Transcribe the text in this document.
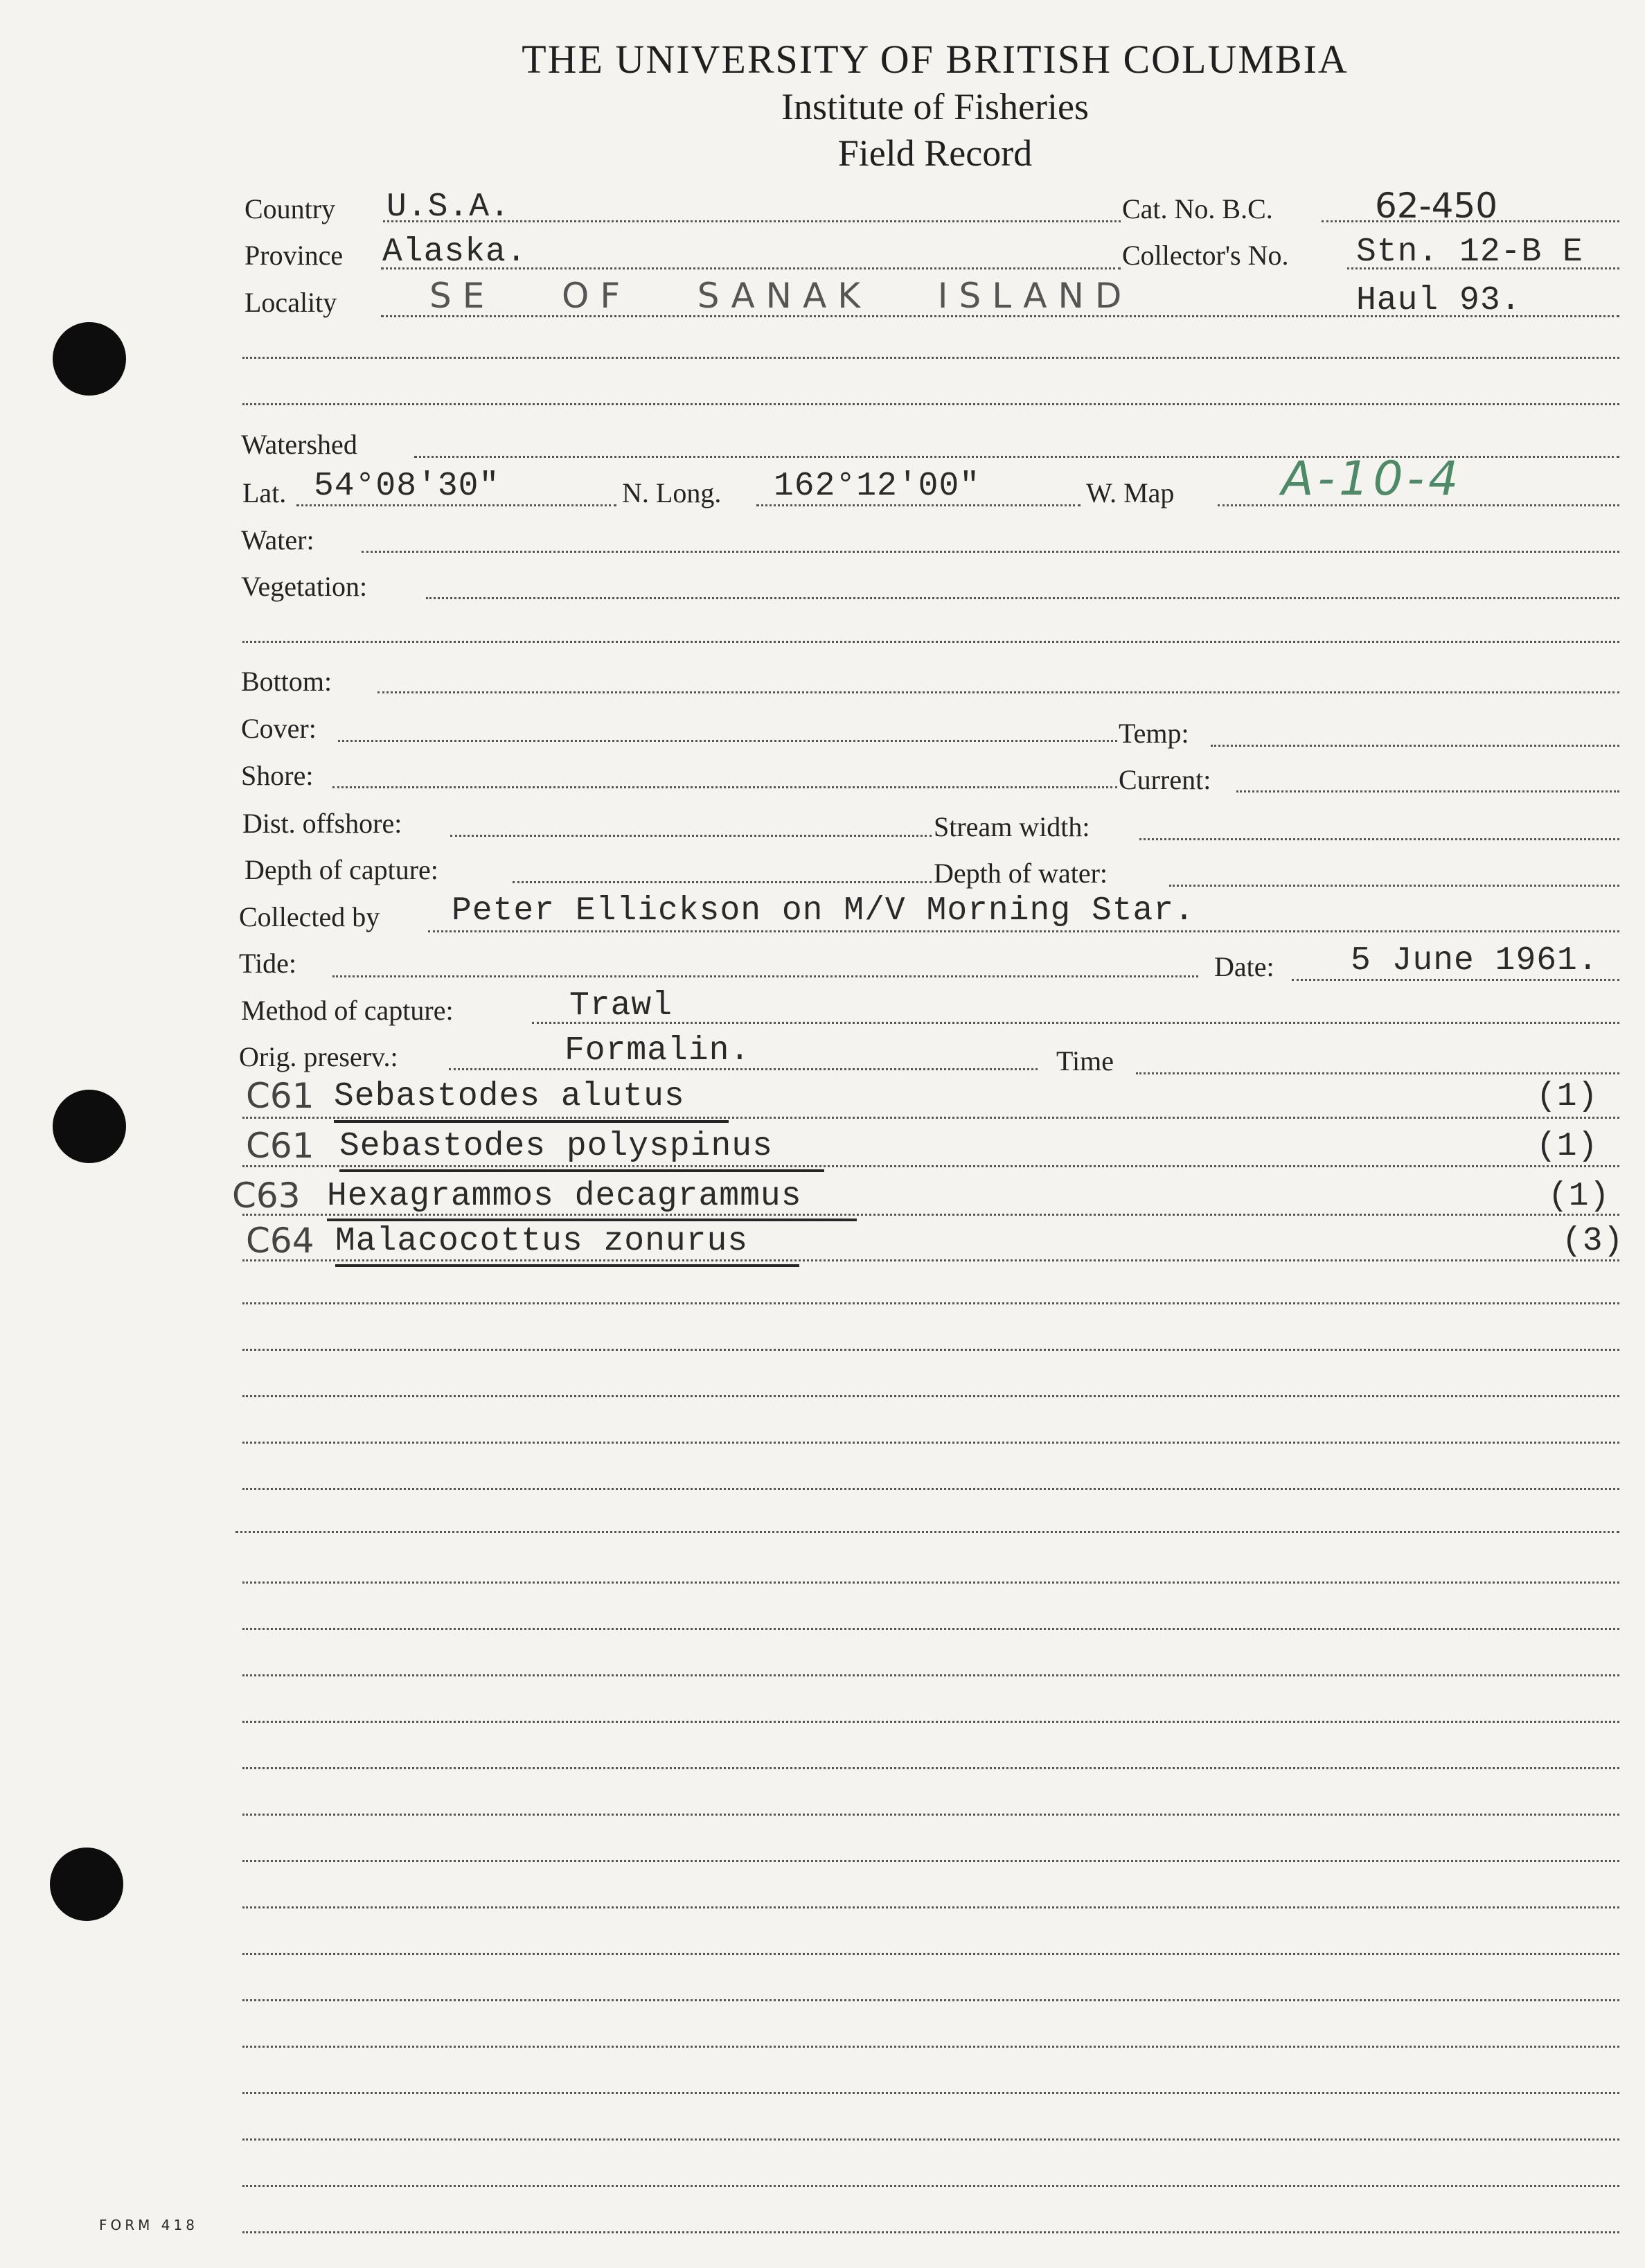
THE UNIVERSITY OF BRITISH COLUMBIA
Institute of Fisheries
Field Record
Country U.S.A.	Cat. No. B.C.	62-450
Province Alaska.	Collector's No. Stn. 12-B E
Locality	SE   OF   SANAK   ISLAND	Haul 93.
Watershed
Lat. 54°08'30"	N. Long. 162°12'00"	W. Map A-10-4
Water:
Vegetation:
Bottom:
Cover:	Temp:
Shore:	Current:
Dist. offshore:	Stream width:
Depth of capture:	Depth of water:
Collected by Peter Ellickson on M/V Morning Star.
Tide:	Date: 5 June 1961.
Method of capture:	Trawl
Orig. preserv.:	Formalin.	Time
C61 Sebastodes alutus	(1)
C61 Sebastodes polyspinus	(1)
C63 Hexagrammos decagrammus	(1)
C64 Malacocottus zonurus	(3)
FORM 418
